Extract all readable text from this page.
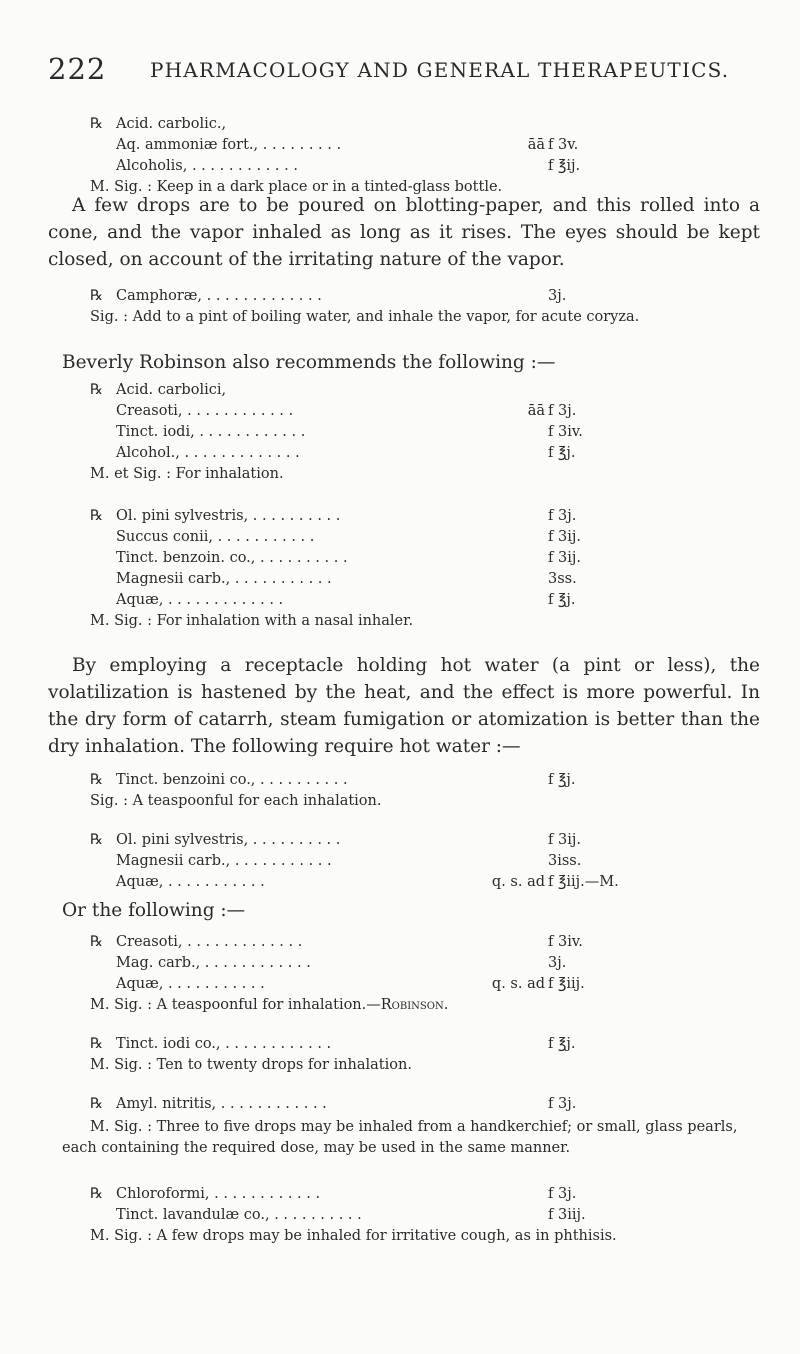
222 PHARMACOLOGY AND GENERAL THERAPEUTICS.
℞ Acid. carbolic.,
Aq. ammoniæ fort., . . . . . . . . .	āā f 3v.
Alcoholis, . . . . . . . . . . . .	f ℥ij.
M. Sig. : Keep in a dark place or in a tinted-glass bottle.

A few drops are to be poured on blotting-paper, and this rolled into a cone, and the vapor inhaled as long as it rises. The eyes should be kept closed, on account of the irritating nature of the vapor.

℞ Camphoræ, . . . . . . . . . . . . .	3j.
Sig. : Add to a pint of boiling water, and inhale the vapor, for acute coryza.
Beverly Robinson also recommends the following :—
℞ Acid. carbolici,
Creasoti, . . . . . . . . . . . .	āā f 3j.
Tinct. iodi, . . . . . . . . . . . .	f 3iv.
Alcohol., . . . . . . . . . . . . .	f ℥j.
M. et Sig. : For inhalation.
℞ Ol. pini sylvestris, . . . . . . . . . .	f 3j.
Succus conii, . . . . . . . . . . .	f 3ij.
Tinct. benzoin. co., . . . . . . . . . .	f 3ij.
Magnesii carb., . . . . . . . . . . .	3ss.
Aquæ, . . . . . . . . . . . . .	f ℥j.
M. Sig. : For inhalation with a nasal inhaler.

By employing a receptacle holding hot water (a pint or less), the volatilization is hastened by the heat, and the effect is more powerful. In the dry form of catarrh, steam fumigation or atomization is better than the dry inhalation. The following require hot water :—

℞ Tinct. benzoini co., . . . . . . . . . .	f ℥j.
Sig. : A teaspoonful for each inhalation.
℞ Ol. pini sylvestris, . . . . . . . . . .	f 3ij.
Magnesii carb., . . . . . . . . . . .	3iss.
Aquæ, . . . . . . . . . . .	q. s. ad f ℥iij.—M.
Or the following :—
℞ Creasoti, . . . . . . . . . . . . .	f 3iv.
Mag. carb., . . . . . . . . . . . .	3j.
Aquæ, . . . . . . . . . . .	q. s. ad f ℥iij.
M. Sig. : A teaspoonful for inhalation.—Robinson.
℞ Tinct. iodi co., . . . . . . . . . . . .	f ℥j.
M. Sig. : Ten to twenty drops for inhalation.
℞ Amyl. nitritis, . . . . . . . . . . . .	f 3j.
M. Sig. : Three to five drops may be inhaled from a handkerchief; or small, glass pearls, each containing the required dose, may be used in the same manner.
℞ Chloroformi, . . . . . . . . . . . .	f 3j.
Tinct. lavandulæ co., . . . . . . . . . .	f 3iij.
M. Sig. : A few drops may be inhaled for irritative cough, as in phthisis.
